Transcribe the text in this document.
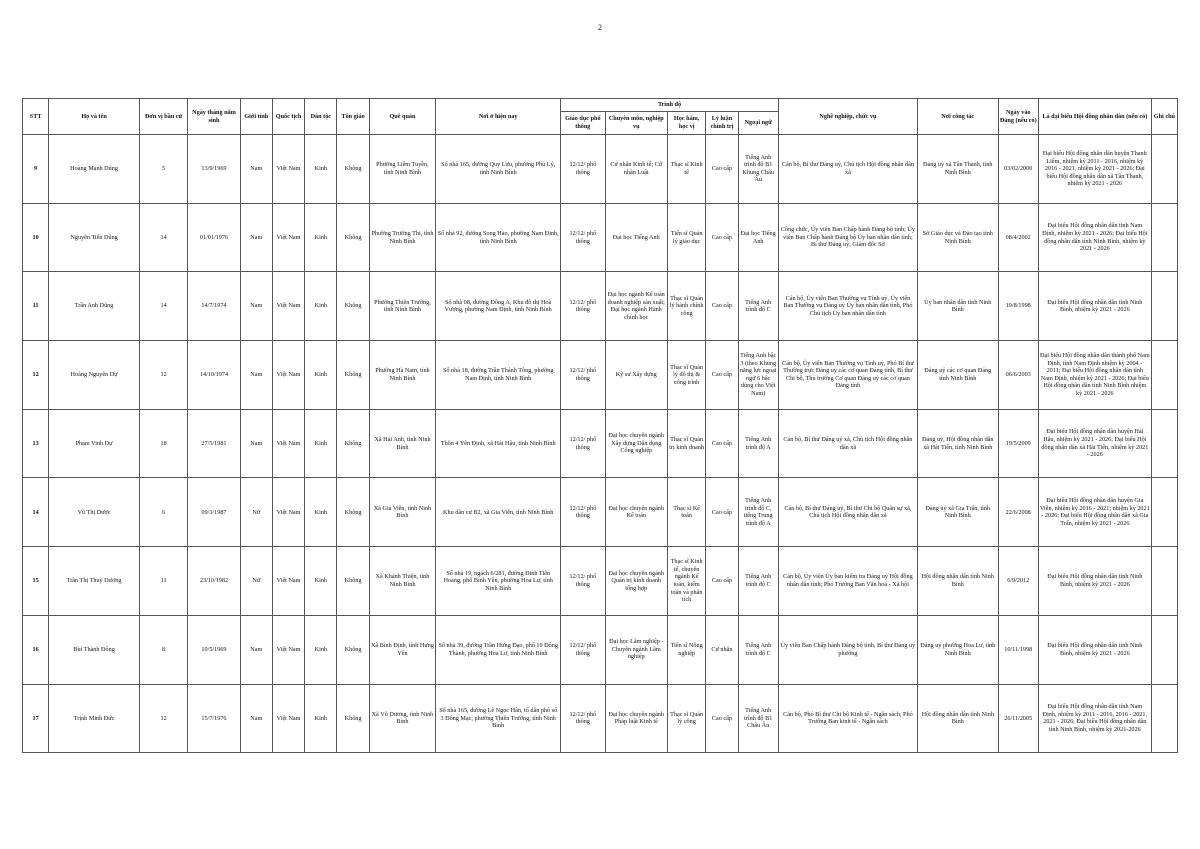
2
STT	Họ và tên	Đơn vị bầu cử	Ngày tháng năm sinh	Giới tính	Quốc tịch	Dân tộc	Tôn giáo	Quê quán	Nơi ở hiện nay	Trình độ					Nghề nghiệp, chức vụ	Nơi công tác	Ngày vào Đảng (nếu có)	Là đại biểu Hội đồng nhân dân (nếu có)	Ghi chú
										Giáo dục phổ thông	Chuyên môn, nghiệp vụ	Học hàm, học vị	Lý luận chính trị	Ngoại ngữ					
9	Hoàng Mạnh Dũng	5	13/9/1969	Nam	Việt Nam	Kinh	Không	Phường Liêm Tuyền, tỉnh Ninh Bình	Số nhà 165, đường Quy Lưu, phường Phủ Lý, tỉnh Ninh Bình	12/12/ phổ thông	Cử nhân Kinh tế; Cử nhân Luật	Thạc sĩ Kinh tế	Cao cấp	Tiếng Anh trình độ B1 Khung Châu Âu	Cán bộ, Bí thư Đảng uỷ, Chủ tịch Hội đồng nhân dân xã	Đảng uỷ xã Tân Thanh, tỉnh Ninh Bình	03/02/2000	Đại biểu Hội đồng nhân dân huyện Thanh Liêm, nhiệm kỳ 2011 - 2016, nhiệm kỳ 2016 - 2021, nhiệm kỳ 2021 - 2026; Đại biểu Hội đồng nhân dân xã Tân Thanh, nhiệm kỳ 2021 - 2026	
10	Nguyễn Tiến Dũng	14	01/01/1976	Nam	Việt Nam	Kinh	Không	Phường Trường Thi, tỉnh Ninh Bình	Số nhà 92, đường Song Hào, phường Nam Định, tỉnh Ninh Bình	12/12/ phổ thông	Đại học Tiếng Anh	Tiến sĩ Quản lý giáo dục	Cao cấp	Đại học Tiếng Anh	Công chức, Ủy viên Ban Chấp hành Đảng bộ tỉnh; Ủy viên Ban Chấp hành Đảng bộ Ủy ban nhân dân tỉnh; Bí thư Đảng uỷ, Giám đốc Sở	Sở Giáo dục và Đào tạo tỉnh Ninh Bình	08/4/2002	Đại biểu Hội đồng nhân dân tỉnh Nam Định, nhiệm kỳ 2021 - 2026; Đại biểu Hội đồng nhân dân tỉnh Ninh Bình, nhiệm kỳ 2021 - 2026	
11	Trần Anh Dũng	14	14/7/1974	Nam	Việt Nam	Kinh	Không	Phường Thiên Trường, tỉnh Ninh Bình	Số nhà 08, đường Đông A, Khu đô thị Hoà Vượng, phường Nam Định, tỉnh Ninh Bình	12/12/ phổ thông	Đại học ngành Kế toán doanh nghiệp sản xuất; Đại học ngành Hành chính học	Thạc sĩ Quản lý hành chính công	Cao cấp	Tiếng Anh trình độ C	Cán bộ, Ủy viên Ban Thường vụ Tỉnh uỷ, Ủy viên Ban Thường vụ Đảng uỷ Ủy ban nhân dân tỉnh, Phó Chủ tịch Ủy ban nhân dân tỉnh	Ủy ban nhân dân tỉnh Ninh Bình	19/8/1998	Đại biểu Hội đồng nhân dân tỉnh Ninh Bình, nhiệm kỳ 2021 - 2026	
12	Hoàng Nguyên Dự	12	14/10/1974	Nam	Việt Nam	Kinh	Không	Phường Hà Nam, tỉnh Ninh Bình	Số nhà 18, đường Trần Thánh Tông, phường Nam Định, tỉnh Ninh Bình	12/12/ phổ thông	Kỹ sư Xây dựng	Thạc sĩ Quản lý đô thị & công trình	Cao cấp	Tiếng Anh bậc 3 (theo Khung năng lực ngoại ngữ 6 bậc dùng cho Việt Nam)	Cán bộ, Ủy viên Ban Thường vụ Tỉnh uỷ, Phó Bí thư Thường trực Đảng uỷ các cơ quan Đảng tỉnh, Bí thư Chi bộ, Thủ trưởng Cơ quan Đảng uỷ các cơ quan Đảng tỉnh	Đảng uỷ các cơ quan Đảng tỉnh Ninh Bình	06/6/2003	Đại biểu Hội đồng nhân dân thành phố Nam Định, tỉnh Nam Định nhiệm kỳ 2004 - 2011; Đại biểu Hội đồng nhân dân tỉnh Nam Định, nhiệm kỳ 2021 - 2026; Đại biểu Hội đồng nhân dân tỉnh Ninh Bình nhiệm kỳ 2021 - 2026	
13	Phạm Vinh Dự	18	27/5/1981	Nam	Việt Nam	Kinh	Không	Xã Hải Anh, tỉnh Ninh Bình	Thôn 4 Yên Định, xã Hải Hậu, tỉnh Ninh Bình	12/12/ phổ thông	Đại học chuyên ngành Xây dựng Dân dụng Công nghiệp	Thạc sĩ Quản trị kinh doanh	Cao cấp	Tiếng Anh trình độ A	Cán bộ, Bí thư Đảng uỷ xã, Chủ tịch Hội đồng nhân dân xã	Đảng uỷ, Hội đồng nhân dân xã Hải Tiến, tỉnh Ninh Bình	19/5/2009	Đại biểu Hội đồng nhân dân huyện Hải Hậu, nhiệm kỳ 2021 - 2026; Đại biểu Hội đồng nhân dân xã Hải Tiến, nhiệm kỳ 2021 - 2026	
14	Vũ Thị Dược	6	09/3/1987	Nữ	Việt Nam	Kinh	Không	Xã Gia Viễn, tỉnh Ninh Bình	Khu dân cư B2, xã Gia Viễn, tỉnh Ninh Bình	12/12/ phổ thông	Đại học chuyên ngành Kế toán	Thạc sĩ Kế toán	Cao cấp	Tiếng Anh trình độ C, tiếng Trung trình độ A	Cán bộ, Bí thư Đảng uỷ, Bí thư Chi bộ Quân sự xã, Chủ tịch Hội đồng nhân dân xã	Đảng uỷ xã Gia Trấn, tỉnh Ninh Bình	22/6/2008	Đại biểu Hội đồng nhân dân huyện Gia Viễn, nhiệm kỳ 2016 - 2021; nhiệm kỳ 2021 - 2026; Đại biểu Hội đồng nhân dân xã Gia Trấn, nhiệm kỳ 2021 - 2026	
15	Trần Thị Thuỳ Dương	11	23/10/1982	Nữ	Việt Nam	Kinh	Không	Xã Khánh Thiện, tỉnh Ninh Bình	Số nhà 19, ngách 6/281, đường Đinh Tiên Hoàng, phố Bình Yên, phường Hoa Lư, tỉnh Ninh Bình	12/12/ phổ thông	Đại học chuyên ngành Quản trị kinh doanh tổng hợp	Thạc sĩ Kinh tế, chuyên ngành Kế toán, kiểm toán và phân tích	Cao cấp	Tiếng Anh trình độ C	Cán bộ, Ủy viên Ủy ban kiểm tra Đảng uỷ Hội đồng nhân dân tỉnh; Phó Trưởng Ban Văn hoá - Xã hội	Hội đồng nhân dân tỉnh Ninh Bình	6/9/2012	Đại biểu Hội đồng nhân dân tỉnh Ninh Bình, nhiệm kỳ 2021 - 2026	
16	Bùi Thành Đông	8	10/5/1969	Nam	Việt Nam	Kinh	Không	Xã Bình Định, tỉnh Hưng Yên	Số nhà 39, đường Trần Hưng Đạo, phố 10 Đông Thành, phường Hoa Lư, tỉnh Ninh Bình	12/12/ phổ thông	Đại học Lâm nghiệp - Chuyên ngành Lâm nghiệp	Tiến sĩ Nông nghiệp	Cử nhân	Tiếng Anh trình độ C	Ủy viên Ban Chấp hành Đảng bộ tỉnh, Bí thư Đảng uỷ phường	Đảng uỷ phường Hoa Lư, tỉnh Ninh Bình	10/11/1998	Đại biểu Hội đồng nhân dân tỉnh Ninh Bình, nhiệm kỳ 2021 - 2026	
17	Trịnh Minh Đức	12	15/7/1976	Nam	Việt Nam	Kinh	Không	Xã Vũ Dương, tỉnh Ninh Bình	Số nhà 165, đường Lê Ngọc Hân, tổ dân phố số 3 Đông Mạc, phường Thiên Trường, tỉnh Ninh Bình	12/12/ phổ thông	Đại học chuyên ngành Pháp luật Kinh tế	Thạc sĩ Quản lý công	Cao cấp	Tiếng Anh trình độ B1 Châu Âu	Cán bộ, Phó Bí thư Chi bộ Kinh tế - Ngân sách, Phó Trưởng Ban kinh tế - Ngân sách	Hội đồng nhân dân tỉnh Ninh Bình	26/11/2005	Đại biểu Hội đồng nhân dân tỉnh Nam Định, nhiệm kỳ 2011 - 2016, 2016 - 2021, 2021 - 2026; Đại biểu Hội đồng nhân dân tỉnh Ninh Bình, nhiệm kỳ 2021-2026	
